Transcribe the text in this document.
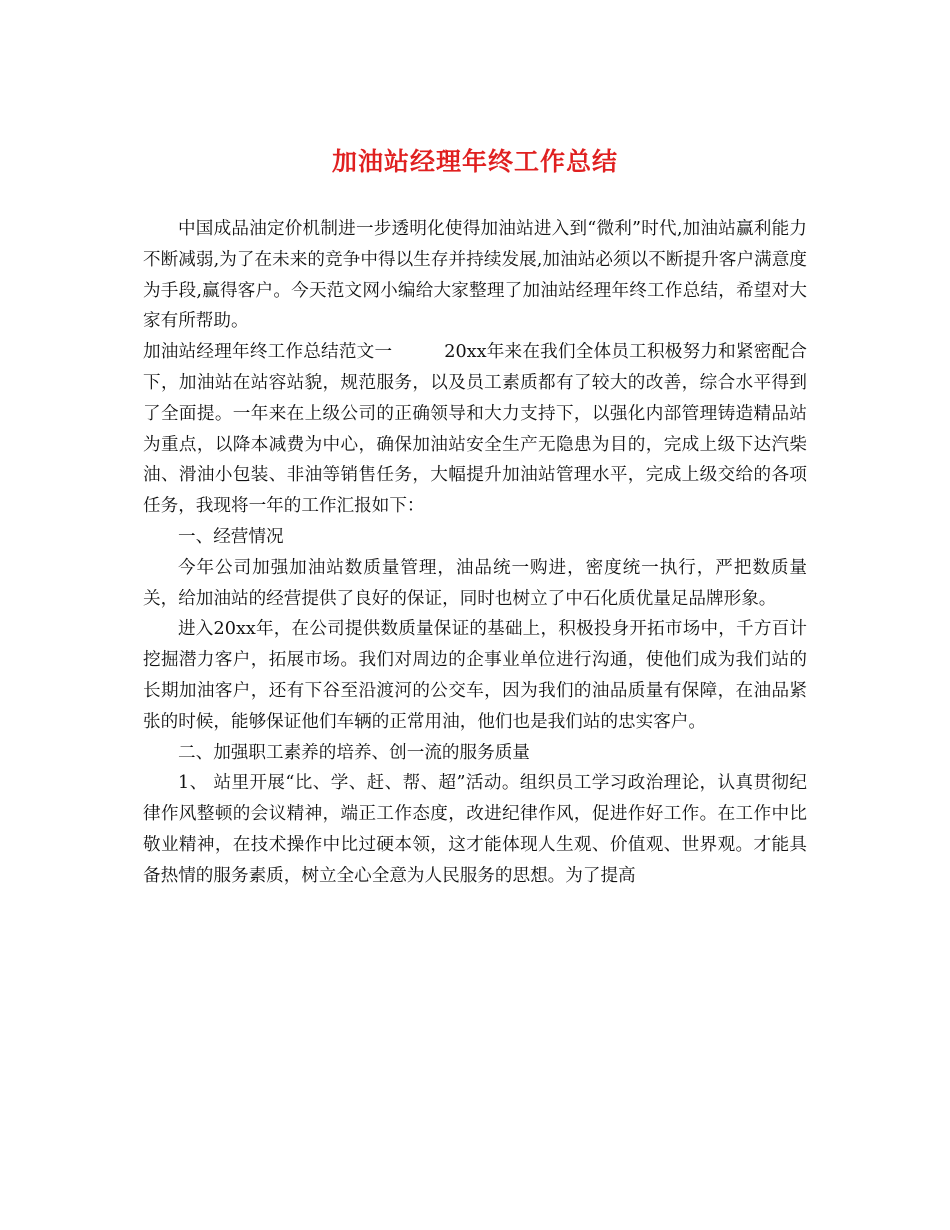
加油站经理年终工作总结

中国成品油定价机制进一步透明化使得加油站进入到“微利”时代,加油站赢利能力不断减弱,为了在未来的竞争中得以生存并持续发展,加油站必须以不断提升客户满意度为手段,赢得客户。今天范文网小编给大家整理了加油站经理年终工作总结，希望对大家有所帮助。

加油站经理年终工作总结范文一	20xx年来在我们全体员工积极努力和紧密配合下，加油站在站容站貌，规范服务，以及员工素质都有了较大的改善，综合水平得到了全面提。一年来在上级公司的正确领导和大力支持下，以强化内部管理铸造精品站为重点，以降本减费为中心，确保加油站安全生产无隐患为目的，完成上级下达汽柴油、滑油小包装、非油等销售任务，大幅提升加油站管理水平，完成上级交给的各项任务，我现将一年的工作汇报如下：

一、经营情况

今年公司加强加油站数质量管理，油品统一购进，密度统一执行，严把数质量关，给加油站的经营提供了良好的保证，同时也树立了中石化质优量足品牌形象。

进入20xx年，在公司提供数质量保证的基础上，积极投身开拓市场中，千方百计挖掘潜力客户，拓展市场。我们对周边的企事业单位进行沟通，使他们成为我们站的长期加油客户，还有下谷至沿渡河的公交车，因为我们的油品质量有保障，在油品紧张的时候，能够保证他们车辆的正常用油，他们也是我们站的忠实客户。

二、加强职工素养的培养、创一流的服务质量

1、 站里开展“比、学、赶、帮、超”活动。组织员工学习政治理论，认真贯彻纪律作风整顿的会议精神，端正工作态度，改进纪律作风，促进作好工作。在工作中比敬业精神，在技术操作中比过硬本领，这才能体现人生观、价值观、世界观。才能具备热情的服务素质，树立全心全意为人民服务的思想。为了提高
